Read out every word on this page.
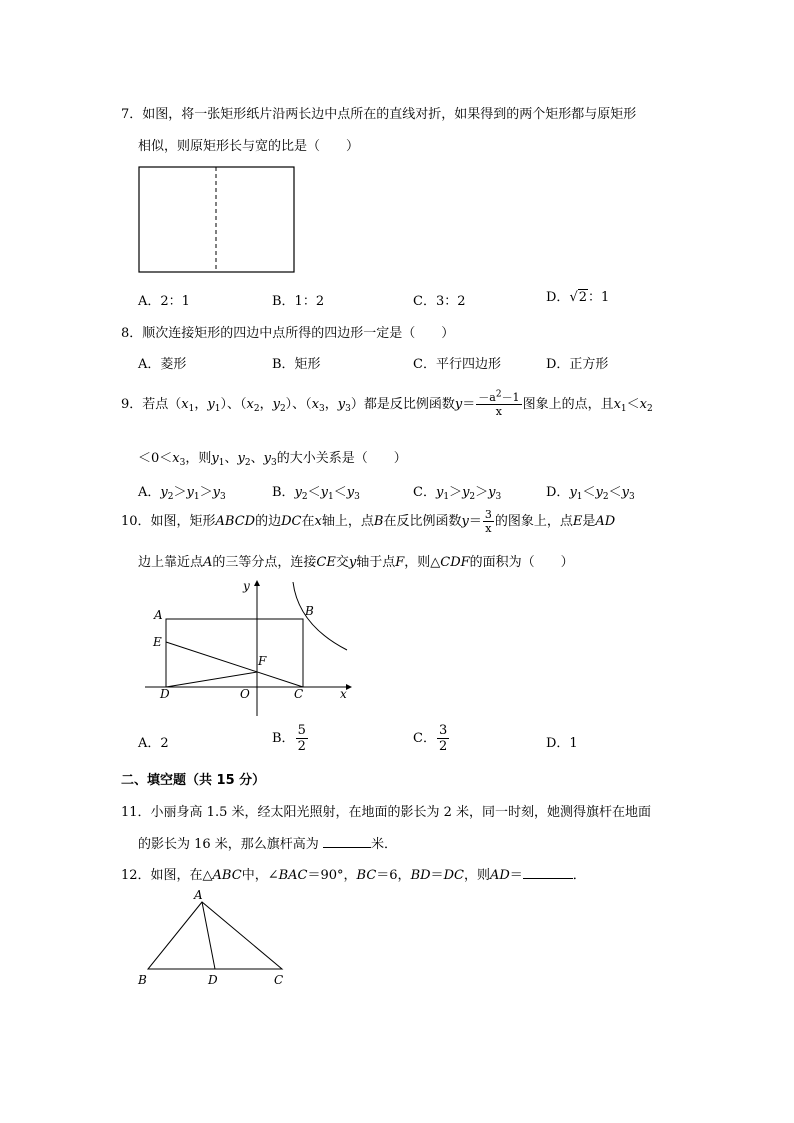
7．如图，将一张矩形纸片沿两长边中点所在的直线对折，如果得到的两个矩形都与原矩形
相似，则原矩形长与宽的比是（　　）
A．2：1	B．1：2	C．3：2	D．√2：1
8．顺次连接矩形的四边中点所得的四边形一定是（　　）
A．菱形	B．矩形	C．平行四边形	D．正方形
9．若点（$x_1$，$y_1$）、（$x_2$，$y_2$）、（$x_3$，$y_3$）都是反比例函数$y= \frac{-a^2-1}{x}$ 图象上的点，且$x_1<x_2$
$<0<x_3$，则$y_1$、$y_2$、$y_3$的大小关系是（　　）
A．$y_2>y_1>y_3$	B．$y_2<y_1<y_3$	C．$y_1>y_2>y_3$	D．$y_1<y_2<y_3$
10．如图，矩形ABCD的边DC在x轴上，点B在反比例函数$y= \frac{3}{x}$ 的图象上，点E是AD
边上靠近点A的三等分点，连接CE交y轴于点F，则△CDF的面积为（　　）
y
A	B
E
F
D	O	C	x
A．2	B． $\frac{5}{2}$	C． $\frac{3}{2}$	D．1
二、填空题（共 15 分）
11．小丽身高 1.5 米，经太阳光照射，在地面的影长为 2 米，同一时刻，她测得旗杆在地面
的影长为 16 米，那么旗杆高为	米．
12．如图，在△ABC中，∠BAC＝90°，BC＝6，BD＝DC，则AD＝	．
A
B	D	C
